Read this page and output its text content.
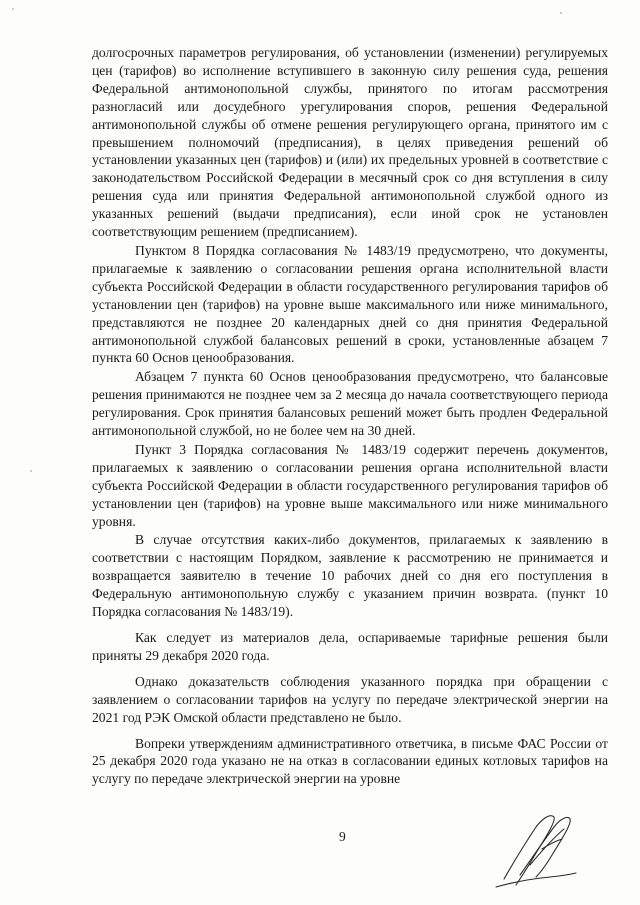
долгосрочных параметров регулирования, об установлении (изменении) регулируемых цен (тарифов) во исполнение вступившего в законную силу решения суда, решения Федеральной антимонопольной службы, принятого по итогам рассмотрения разногласий или досудебного урегулирования споров, решения Федеральной антимонопольной службы об отмене решения регулирующего органа, принятого им с превышением полномочий (предписания), в целях приведения решений об установлении указанных цен (тарифов) и (или) их предельных уровней в соответствие с законодательством Российской Федерации в месячный срок со дня вступления в силу решения суда или принятия Федеральной антимонопольной службой одного из указанных решений (выдачи предписания), если иной срок не установлен соответствующим решением (предписанием).

Пунктом 8 Порядка согласования № 1483/19 предусмотрено, что документы, прилагаемые к заявлению о согласовании решения органа исполнительной власти субъекта Российской Федерации в области государственного регулирования тарифов об установлении цен (тарифов) на уровне выше максимального или ниже минимального, представляются не позднее 20 календарных дней со дня принятия Федеральной антимонопольной службой балансовых решений в сроки, установленные абзацем 7 пункта 60 Основ ценообразования.

Абзацем 7 пункта 60 Основ ценообразования предусмотрено, что балансовые решения принимаются не позднее чем за 2 месяца до начала соответствующего периода регулирования. Срок принятия балансовых решений может быть продлен Федеральной антимонопольной службой, но не более чем на 30 дней.

Пункт 3 Порядка согласования № 1483/19 содержит перечень документов, прилагаемых к заявлению о согласовании решения органа исполнительной власти субъекта Российской Федерации в области государственного регулирования тарифов об установлении цен (тарифов) на уровне выше максимального или ниже минимального уровня.

В случае отсутствия каких-либо документов, прилагаемых к заявлению в соответствии с настоящим Порядком, заявление к рассмотрению не принимается и возвращается заявителю в течение 10 рабочих дней со дня его поступления в Федеральную антимонопольную службу с указанием причин возврата. (пункт 10 Порядка согласования № 1483/19).

Как следует из материалов дела, оспариваемые тарифные решения были приняты 29 декабря 2020 года.

Однако доказательств соблюдения указанного порядка при обращении с заявлением о согласовании тарифов на услугу по передаче электрической энергии на 2021 год РЭК Омской области представлено не было.

Вопреки утверждениям административного ответчика, в письме ФАС России от 25 декабря 2020 года указано не на отказ в согласовании единых котловых тарифов на услугу по передаче электрической энергии на уровне

9
